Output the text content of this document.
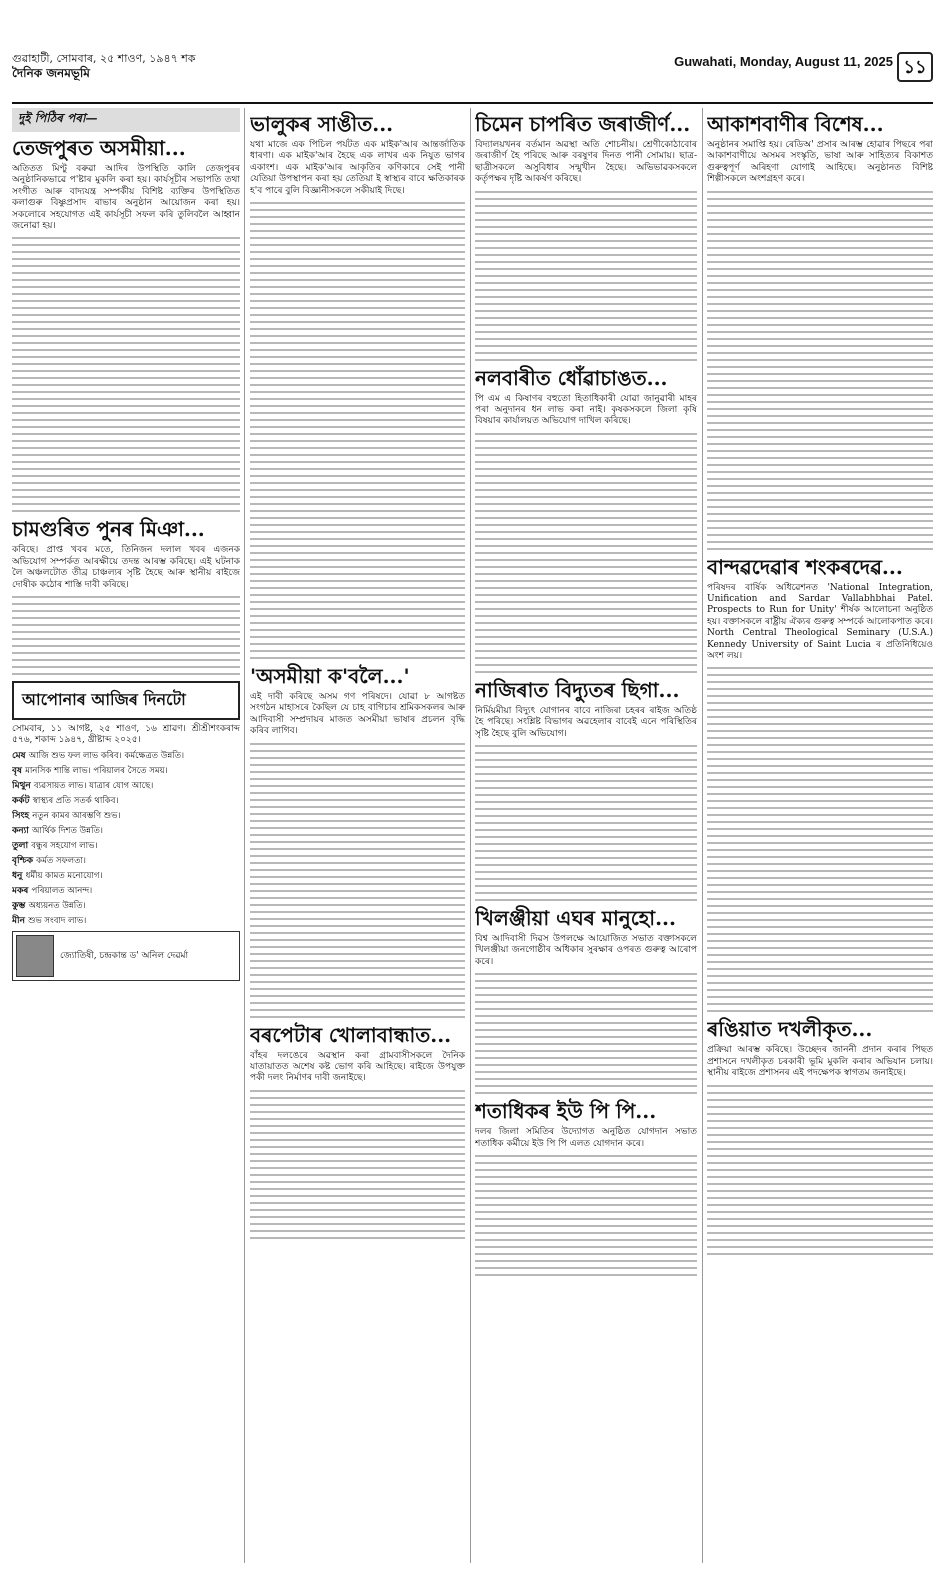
গুৱাহাটী, সোমবাৰ, ২৫ শাওণ, ১৯৪৭ শক
দৈনিক জনমভূমি
Guwahati, Monday, August 11, 2025 ১১
দুই পিঠিৰ পৰা—
তেজপুৰত অসমীয়া...

অতিতত মিণ্টু বৰুৱা আদিৰ উপস্থিতি কালি তেজপুৰৰ অনুষ্ঠানিকভাৱে প'ষ্টাৰ মুকলি কৰা হয়। কাৰ্যসূচীৰ সভাপতি তথা সংগীত আৰু বাদ্যযন্ত্ৰ সম্পৰ্কীয় বিশিষ্ট ব্যক্তিৰ উপস্থিতিত কলাগুৰু বিষ্ণুপ্ৰসাদ ৰাভাৰ অনুষ্ঠান আয়োজন কৰা হয়। সকলোৰে সহযোগত এই কাৰ্যসূচী সফল কৰি তুলিবলৈ আহ্বান জনোৱা হয়।

চামগুৰিত পুনৰ মিঞা...

কৰিছে। প্ৰাপ্ত খবৰ মতে, তিনিজন দলাল খবৰ এজনক অভিযোগ সম্পৰ্কত আৰক্ষীয়ে তদন্ত আৰম্ভ কৰিছে। এই ঘটনাক লৈ অঞ্চলটোত তীব্ৰ চাঞ্চল্যৰ সৃষ্টি হৈছে আৰু স্থানীয় ৰাইজে দোষীক কঠোৰ শাস্তি দাবী কৰিছে।

আপোনাৰ আজিৰ দিনটো

সোমবাৰ, ১১ আগষ্ট, ২৫ শাওণ, ১৬ শ্ৰাৱণ। শ্ৰীশ্ৰীশংকৰাব্দ ৫৭৬, শকাব্দ ১৯৪৭, খ্ৰীষ্টাব্দ ২০২৫।

মেষ আজি শুভ ফল লাভ কৰিব। কৰ্মক্ষেত্ৰত উন্নতি।
বৃষ মানসিক শান্তি লাভ। পৰিয়ালৰ সৈতে সময়।
মিথুন ব্যৱসায়ত লাভ। যাত্ৰাৰ যোগ আছে।
কৰ্কট স্বাস্থ্যৰ প্ৰতি সতৰ্ক থাকিব।
সিংহ নতুন কামৰ আৰম্ভণি শুভ।
কন্যা আৰ্থিক দিশত উন্নতি।
তুলা বন্ধুৰ সহযোগ লাভ।
বৃশ্চিক কৰ্মত সফলতা।
ধনু ধৰ্মীয় কামত মনোযোগ।
মকৰ পৰিয়ালত আনন্দ।
কুম্ভ অধ্যয়নত উন্নতি।
মীন শুভ সংবাদ লাভ।
জ্যোতিষী, চন্দ্ৰকান্ত ড' অনিল দেৱৰ্মা
ভালুকৰ সাঙীত...

যথা মাজে এক পিচিল পৰ্যটত এক মাইক'আৰ আন্তৰ্জাতিক ধাৰণা। এক মাইক'আৰ হৈছে এক লাখৰ এক নিযুত ভাগৰ একাংশ। এক মাইক'আৰ আকৃতিৰ কণিকাৰে সেই পানী যেতিয়া উপস্থাপন কৰা হয় তেতিয়া ই স্বাস্থ্যৰ বাবে ক্ষতিকাৰক হ'ব পাৰে বুলি বিজ্ঞানীসকলে সকীয়াই দিছে।

'অসমীয়া ক'বলৈ...'

এই দাবী কৰিছে অসম গণ পৰিষদে। যোৱা ৮ আগষ্টত সংগঠন মাহাসৰে কৈছিল যে চাহ বাগিচাৰ শ্ৰমিকসকলৰ আৰু আদিবাসী সম্প্ৰদায়ৰ মাজত অসমীয়া ভাষাৰ প্ৰচলন বৃদ্ধি কৰিব লাগিব।

বৰপেটাৰ খোলাবান্ধাত...

বাঁহৰ দলঙেৰে অৱস্থান কৰা গ্ৰামবাসীসকলে দৈনিক যাতায়াতত অশেষ কষ্ট ভোগ কৰি আহিছে। ৰাইজে উপযুক্ত পকী দলং নিৰ্মাণৰ দাবী জনাইছে।

চিমেন চাপৰিত জৰাজীৰ্ণ...

বিদ্যালয়খনৰ বৰ্তমান অৱস্থা অতি শোচনীয়। শ্ৰেণীকোঠাবোৰ জৰাজীৰ্ণ হৈ পৰিছে আৰু বৰষুণৰ দিনত পানী সোমায়। ছাত্ৰ-ছাত্ৰীসকলে অসুবিধাৰ সন্মুখীন হৈছে। অভিভাৱকসকলে কৰ্তৃপক্ষৰ দৃষ্টি আকৰ্ষণ কৰিছে।

নলবাৰীত ধোঁৱাচাঙত...

পি এম এ কিষাণৰ বহুতো হিতাধিকাৰী যোৱা জানুৱাৰী মাহৰ পৰা অনুদানৰ ধন লাভ কৰা নাই। কৃষকসকলে জিলা কৃষি বিষয়াৰ কাৰ্যালয়ত অভিযোগ দাখিল কৰিছে।

নাজিৰাত বিদ্যুতৰ ছিগা...

নিৰ্মিয়মীয়া বিদ্যুৎ যোগানৰ বাবে নাজিৰা চহৰৰ ৰাইজ অতিষ্ঠ হৈ পৰিছে। সংশ্লিষ্ট বিভাগৰ অৱহেলাৰ বাবেই এনে পৰিস্থিতিৰ সৃষ্টি হৈছে বুলি অভিযোগ।

খিলঞ্জীয়া এঘৰ মানুহো...

বিশ্ব আদিবাসী দিৱস উপলক্ষে আয়োজিত সভাত বক্তাসকলে খিলঞ্জীয়া জনগোষ্ঠীৰ অধিকাৰ সুৰক্ষাৰ ওপৰত গুৰুত্ব আৰোপ কৰে।

শতাধিকৰ ইউ পি পি...

দলৰ জিলা সমিতিৰ উদ্যোগত অনুষ্ঠিত যোগদান সভাত শতাধিক কৰ্মীয়ে ইউ পি পি এলত যোগদান কৰে।

আকাশবাণীৰ বিশেষ...

অনুষ্ঠানৰ সমাপ্তি হয়। ৰেডিঅ' প্ৰসাৰ আৰম্ভ হোৱাৰ পিছৰে পৰা আকাশবাণীয়ে অসমৰ সংস্কৃতি, ভাষা আৰু সাহিত্যৰ বিকাশত গুৰুত্বপূৰ্ণ অৰিহণা যোগাই আহিছে। অনুষ্ঠানত বিশিষ্ট শিল্পীসকলে অংশগ্ৰহণ কৰে।

বান্দৱদেৱাৰ শংকৰদেৱ...

পৰিষদৰ বাৰ্ষিক অধিৱেশনত 'National Integration, Unification and Sardar Vallabhbhai Patel. Prospects to Run for Unity' শীৰ্ষক আলোচনা অনুষ্ঠিত হয়। বক্তাসকলে ৰাষ্ট্ৰীয় ঐক্যৰ গুৰুত্ব সম্পৰ্কে আলোকপাত কৰে। North Central Theological Seminary (U.S.A.) Kennedy University of Saint Lucia ৰ প্ৰতিনিধিয়েও অংশ লয়।

ৰঙিয়াত দখলীকৃত...

প্ৰক্ৰিয়া আৰম্ভ কৰিছে। উচ্ছেদৰ জাননী প্ৰদান কৰাৰ পিছত প্ৰশাসনে দখলীকৃত চৰকাৰী ভূমি মুকলি কৰাৰ অভিযান চলায়। স্থানীয় ৰাইজে প্ৰশাসনৰ এই পদক্ষেপক স্বাগতম জনাইছে।
